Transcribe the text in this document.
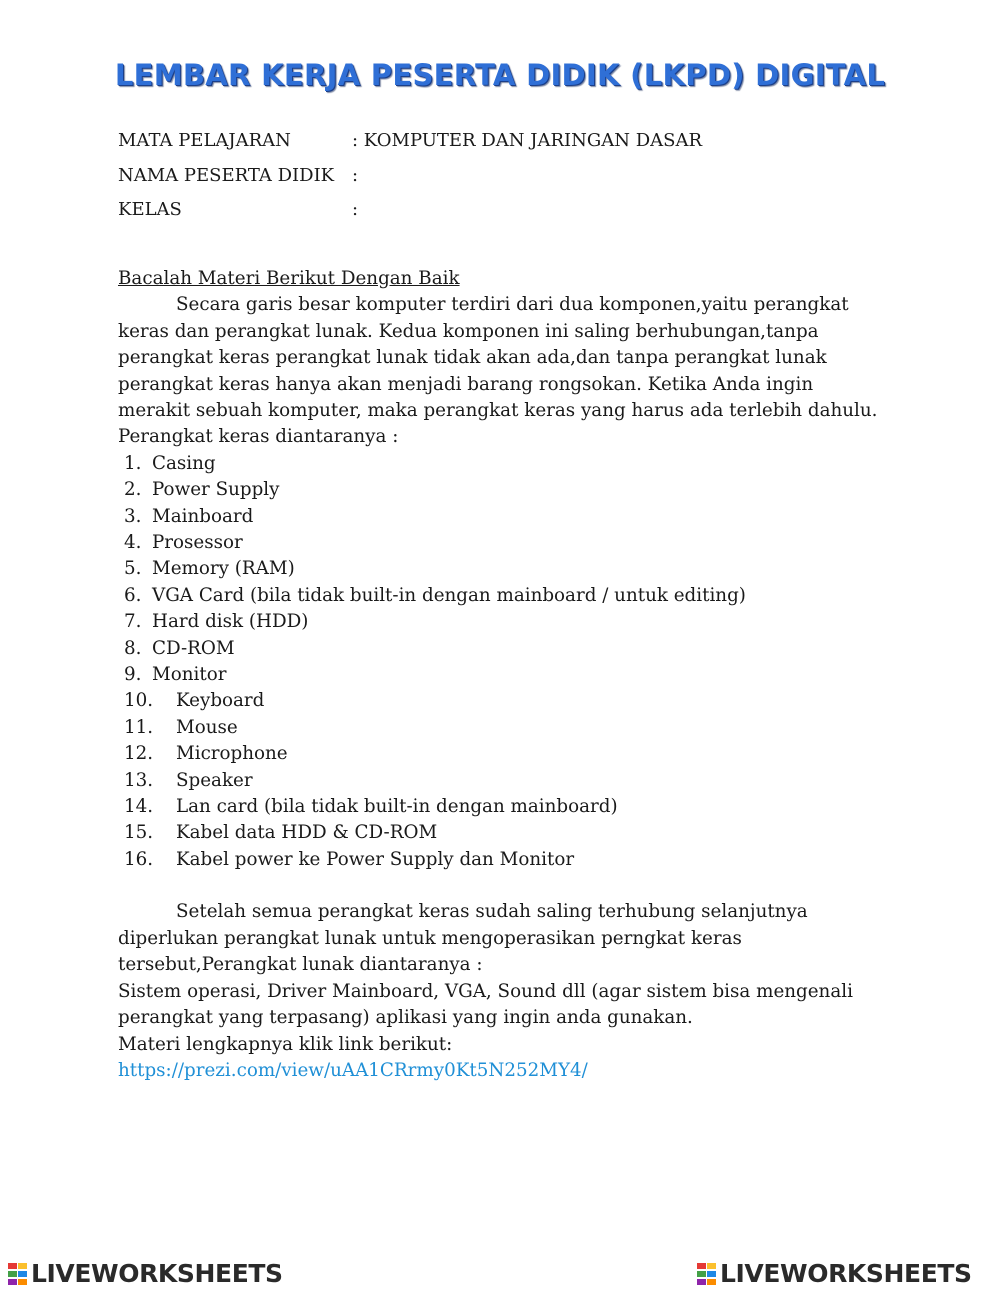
LEMBAR KERJA PESERTA DIDIK (LKPD) DIGITAL
MATA PELAJARAN	: KOMPUTER DAN JARINGAN DASAR
NAMA PESERTA DIDIK :
KELAS	:

Bacalah Materi Berikut Dengan Baik

Secara garis besar komputer terdiri dari dua komponen,yaitu perangkat keras dan perangkat lunak. Kedua komponen ini saling berhubungan,tanpa perangkat keras perangkat lunak tidak akan ada,dan tanpa perangkat lunak perangkat keras hanya akan menjadi barang rongsokan. Ketika Anda ingin merakit sebuah komputer, maka perangkat keras yang harus ada terlebih dahulu.

Perangkat keras diantaranya :

1. Casing
2. Power Supply
3. Mainboard
4. Prosessor
5. Memory (RAM)
6. VGA Card (bila tidak built-in dengan mainboard / untuk editing)
7. Hard disk (HDD)
8. CD-ROM
9. Monitor
10. Keyboard
11. Mouse
12. Microphone
13. Speaker
14. Lan card (bila tidak built-in dengan mainboard)
15. Kabel data HDD & CD-ROM
16. Kabel power ke Power Supply dan Monitor

Setelah semua perangkat keras sudah saling terhubung selanjutnya diperlukan perangkat lunak untuk mengoperasikan perngkat keras tersebut,Perangkat lunak diantaranya :

Sistem operasi, Driver Mainboard, VGA, Sound dll (agar sistem bisa mengenali perangkat yang terpasang) aplikasi yang ingin anda gunakan.

Materi lengkapnya klik link berikut:

https://prezi.com/view/uAA1CRrmy0Kt5N252MY4/

LIVEWORKSHEETS	LIVEWORKSHEETS
